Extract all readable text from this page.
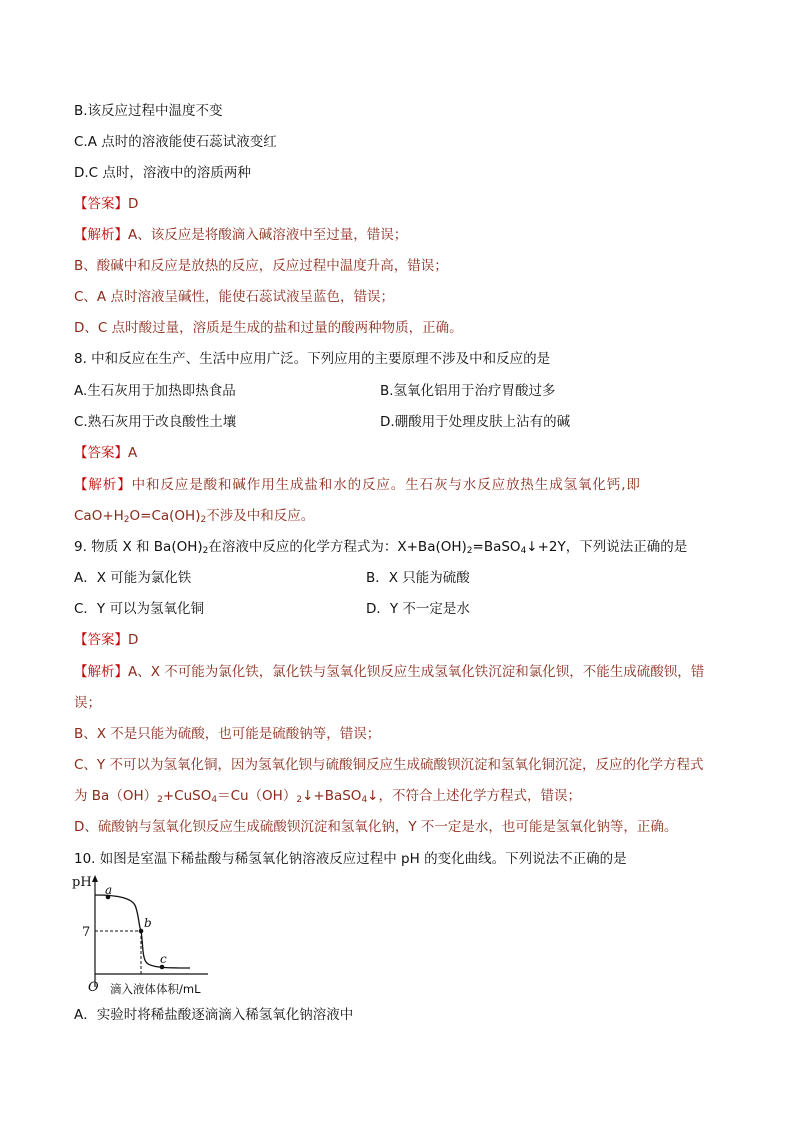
B.该反应过程中温度不变
C.A 点时的溶液能使石蕊试液变红
D.C 点时，溶液中的溶质两种
【答案】D
【解析】A、该反应是将酸滴入碱溶液中至过量，错误；
B、酸碱中和反应是放热的反应，反应过程中温度升高，错误；
C、A 点时溶液呈碱性，能使石蕊试液呈蓝色，错误；
D、C 点时酸过量，溶质是生成的盐和过量的酸两种物质，正确。
8. 中和反应在生产、生活中应用广泛。下列应用的主要原理不涉及中和反应的是
A.生石灰用于加热即热食品	B.氢氧化铝用于治疗胃酸过多
C.熟石灰用于改良酸性土壤	D.硼酸用于处理皮肤上沾有的碱
【答案】A
【解析】中和反应是酸和碱作用生成盐和水的反应。生石灰与水反应放热生成氢氧化钙,即
$CaO+H_2O=Ca(OH)_2$不涉及中和反应。
9. 物质 X 和 $Ba(OH)_2$在溶液中反应的化学方程式为：$X+Ba(OH)_2=BaSO_4↓+2Y$，下列说法正确的是
A．X 可能为氯化铁	B．X 只能为硫酸
C．Y 可以为氢氧化铜	D．Y 不一定是水
【答案】D
【解析】A、X 不可能为氯化铁，氯化铁与氢氧化钡反应生成氢氧化铁沉淀和氯化钡，不能生成硫酸钡，错
误；
B、X 不是只能为硫酸，也可能是硫酸钠等，错误；
C、Y 不可以为氢氧化铜，因为氢氧化钡与硫酸铜反应生成硫酸钡沉淀和氢氧化铜沉淀，反应的化学方程式
为 $Ba(OH)_2+CuSO_4=Cu(OH)_2↓+BaSO_4↓$，不符合上述化学方程式，错误；
D、硫酸钠与氢氧化钡反应生成硫酸钡沉淀和氢氧化钠，Y 不一定是水，也可能是氢氧化钠等，正确。
10. 如图是室温下稀盐酸与稀氢氧化钠溶液反应过程中 pH 的变化曲线。下列说法不正确的是
pH a
b
c
7
O 滴入液体体积/mL
A．实验时将稀盐酸逐滴滴入稀氢氧化钠溶液中
